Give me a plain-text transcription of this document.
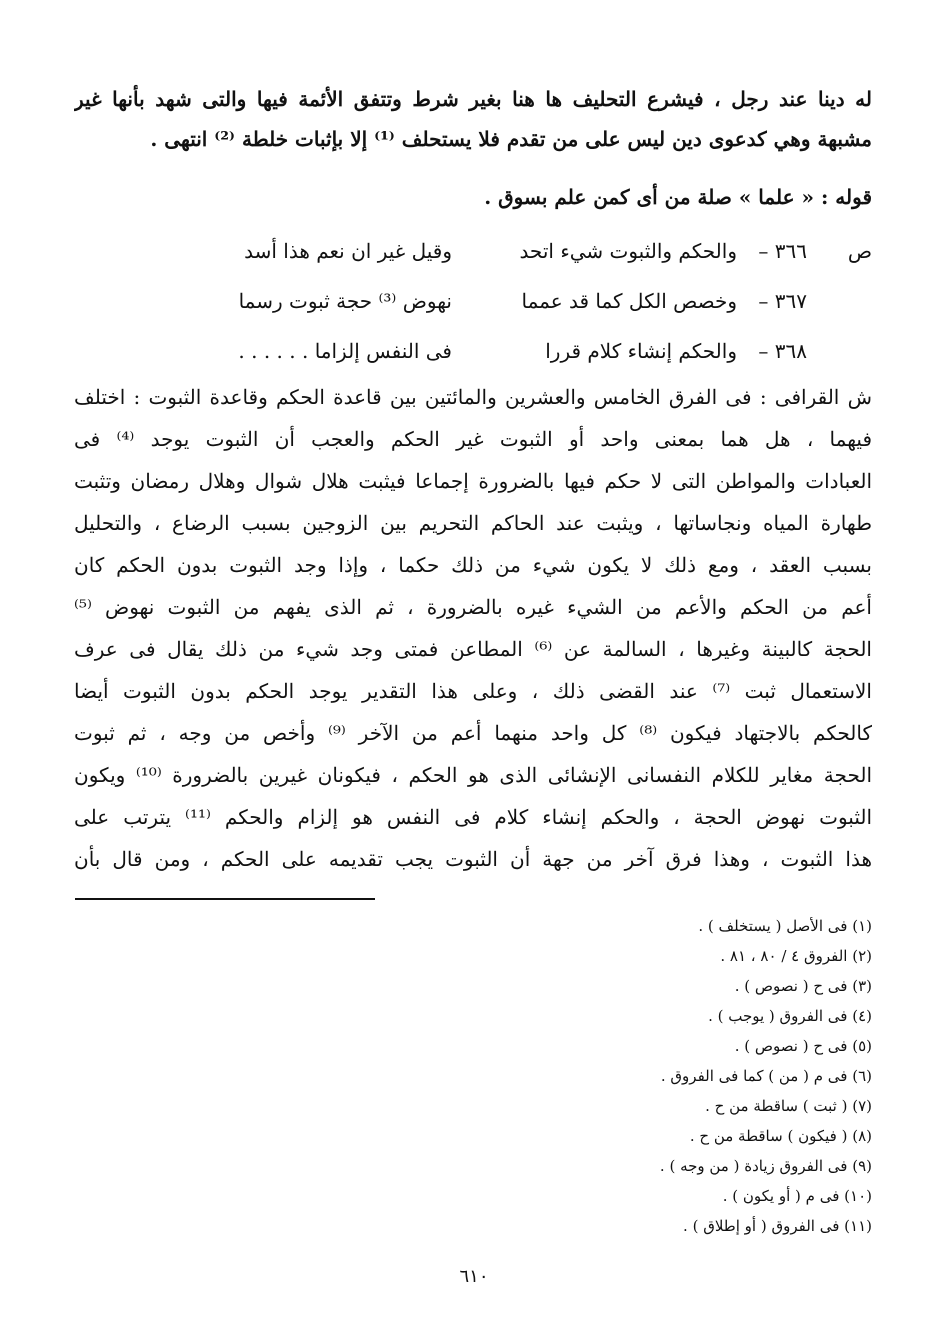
له دينا عند رجل ، فيشرع التحليف ها هنا بغير شرط وتتفق الأئمة فيها والتى شهد بأنها غير
مشبهة وهي كدعوى دين ليس على من تقدم فلا يستحلف ⁽¹⁾ إلا بإثبات خلطة ⁽²⁾ انتهى .
قوله : « علما » صلة من أى كمن علم بسوق .
ص
٣٦٦ –
والحكم والثبوت شيء اتحد
وقيل غير ان نعم هذا أسد
٣٦٧ –
وخصص الكل كما قد عمما
نهوض ⁽³⁾ حجة ثبوت رسما
٣٦٨ –
والحكم إنشاء كلام قررا
فى النفس إلزاما . . . . . .
ش القرافى : فى الفرق الخامس والعشرين والمائتين بين قاعدة الحكم وقاعدة الثبوت : اختلف
فيهما ، هل هما بمعنى واحد أو الثبوت غير الحكم والعجب أن الثبوت يوجد ⁽⁴⁾ فى
العبادات والمواطن التى لا حكم فيها بالضرورة إجماعا فيثبت هلال شوال وهلال رمضان وتثبت
طهارة المياه ونجاساتها ، ويثبت عند الحاكم التحريم بين الزوجين بسبب الرضاع ، والتحليل
بسبب العقد ، ومع ذلك لا يكون شيء من ذلك حكما ، وإذا وجد الثبوت بدون الحكم كان
أعم من الحكم والأعم من الشيء غيره بالضرورة ، ثم الذى يفهم من الثبوت نهوض ⁽⁵⁾
الحجة كالبينة وغيرها ، السالمة عن ⁽⁶⁾ المطاعن فمتى وجد شيء من ذلك يقال فى عرف
الاستعمال ثبت ⁽⁷⁾ عند القضى ذلك ، وعلى هذا التقدير يوجد الحكم بدون الثبوت أيضا
كالحكم بالاجتهاد فيكون ⁽⁸⁾ كل واحد منهما أعم من الآخر ⁽⁹⁾ وأخص من وجه ، ثم ثبوت
الحجة مغاير للكلام النفسانى الإنشائى الذى هو الحكم ، فيكونان غيرين بالضرورة ⁽¹⁰⁾ ويكون
الثبوت نهوض الحجة ، والحكم إنشاء كلام فى النفس هو إلزام والحكم ⁽¹¹⁾ يترتب على
هذا الثبوت ، وهذا فرق آخر من جهة أن الثبوت يجب تقديمه على الحكم ، ومن قال بأن
(١) فى الأصل ( يستخلف ) .
(٢) الفروق ٤ / ٨٠ ، ٨١ .
(٣) فى ح ( نصوص ) .
(٤) فى الفروق ( يوجب ) .
(٥) فى ح ( نصوص ) .
(٦) فى م ( من ) كما فى الفروق .
(٧) ( ثبت ) ساقطة من ح .
(٨) ( فيكون ) ساقطة من ح .
(٩) فى الفروق زيادة ( من وجه ) .
(١٠) فى م ( أو يكون ) .
(١١) فى الفروق ( أو إطلاق ) .
٦١٠
